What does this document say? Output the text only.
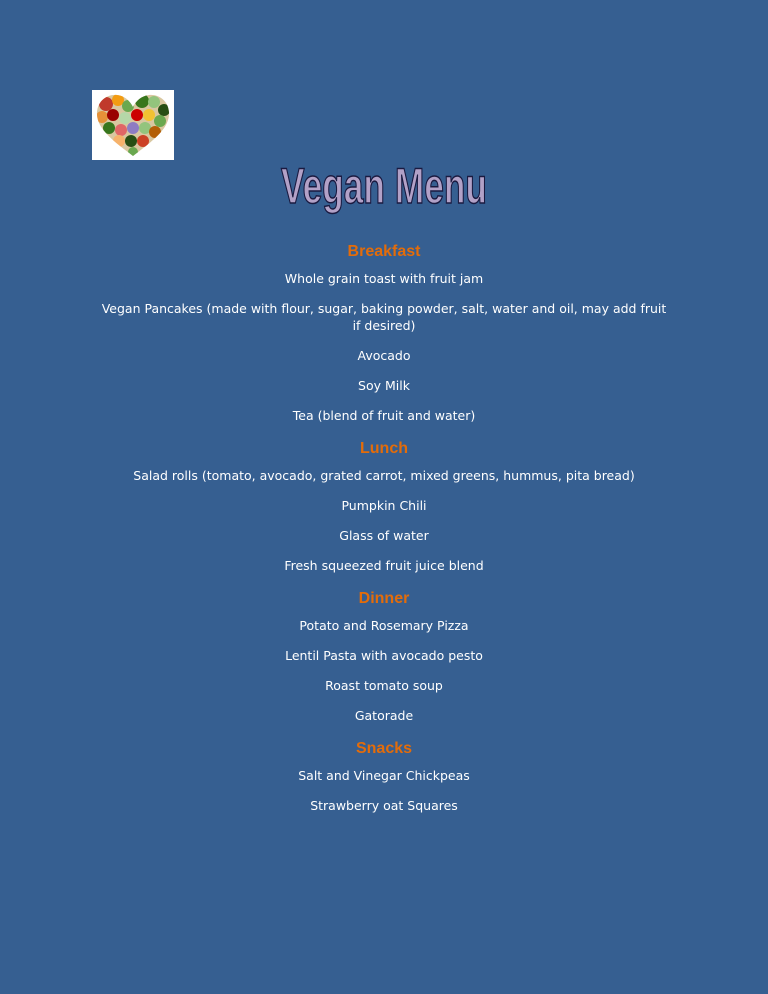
Vegan Menu
Breakfast
Whole grain toast with fruit jam
Vegan Pancakes (made with flour, sugar, baking powder, salt, water and oil, may add fruit if desired)
Avocado
Soy Milk
Tea (blend of fruit and water)
Lunch
Salad rolls (tomato, avocado, grated carrot, mixed greens, hummus, pita bread)
Pumpkin Chili
Glass of water
Fresh squeezed fruit juice blend
Dinner
Potato and Rosemary Pizza
Lentil Pasta with avocado pesto
Roast tomato soup
Gatorade
Snacks
Salt and Vinegar Chickpeas
Strawberry oat Squares
